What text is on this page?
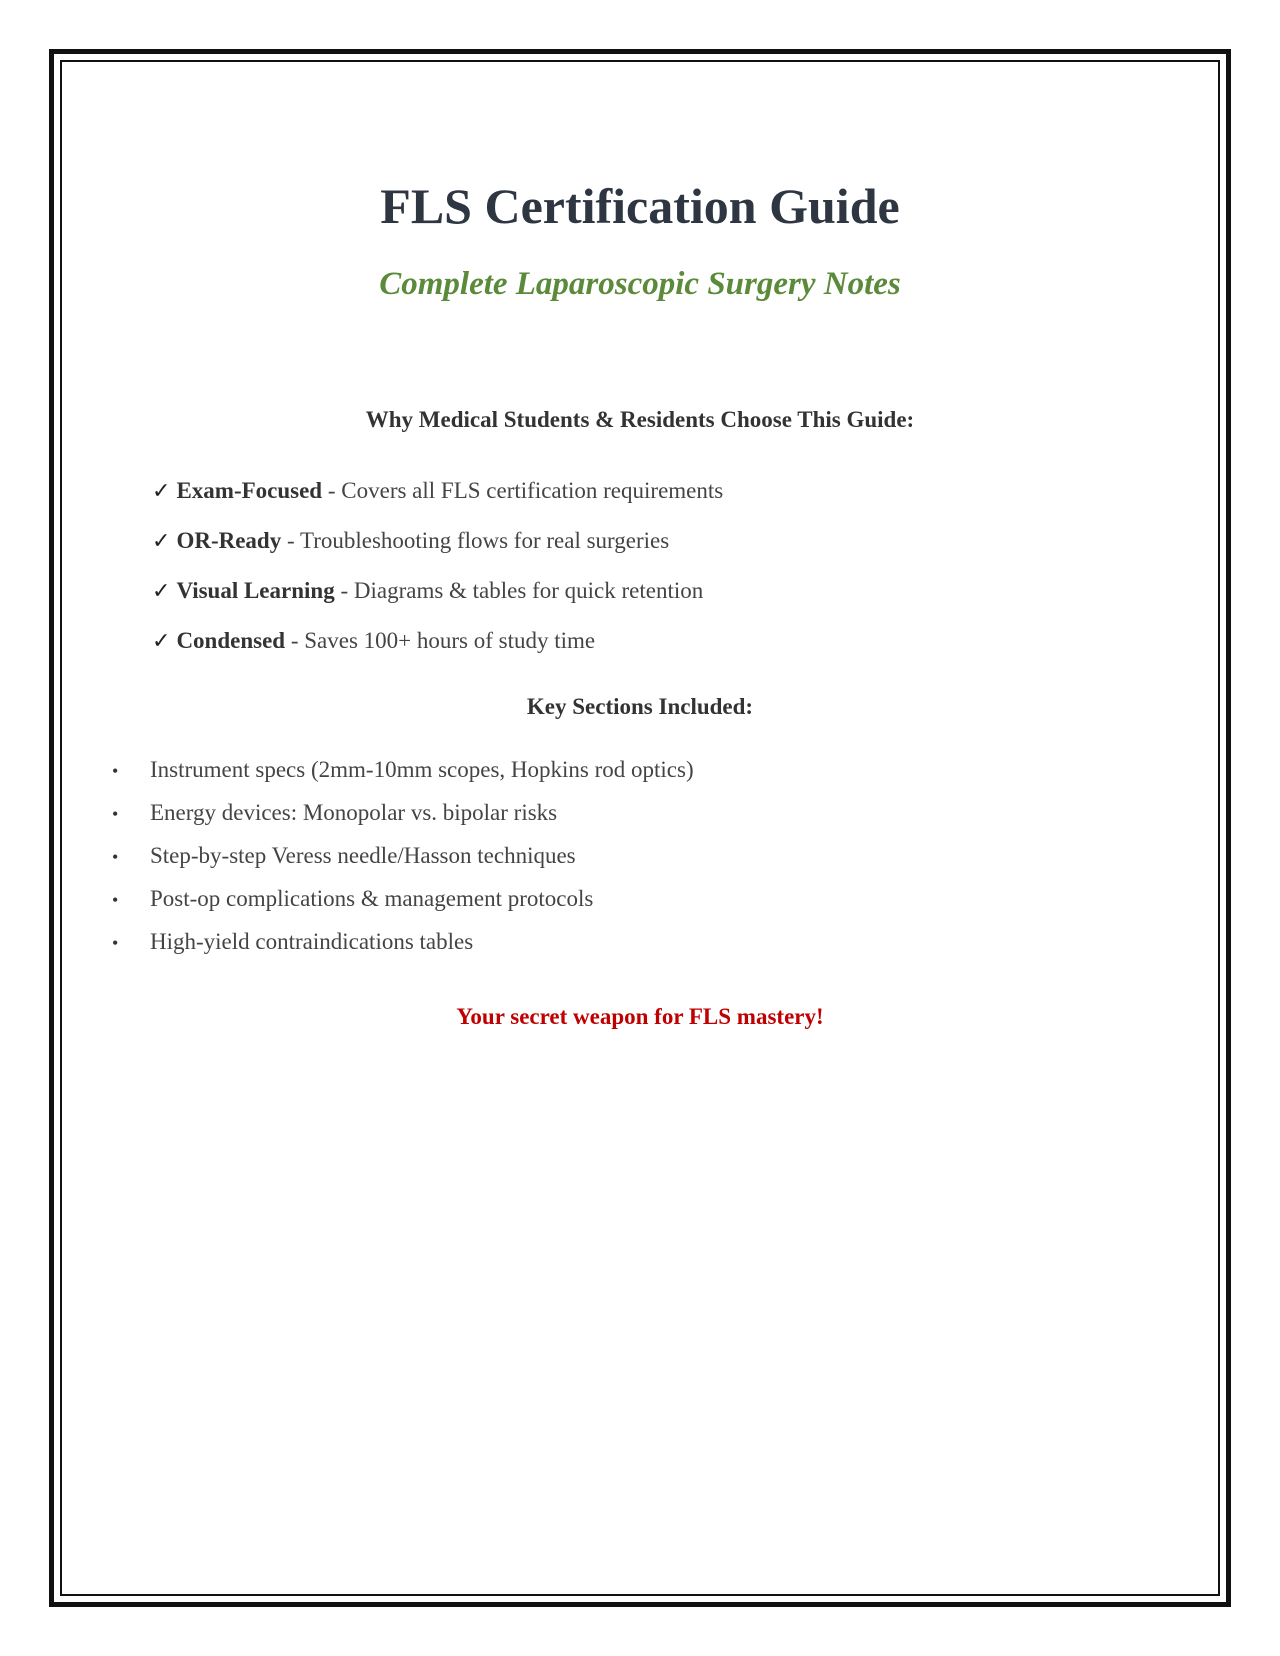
FLS Certification Guide

Complete Laparoscopic Surgery Notes

Why Medical Students & Residents Choose This Guide:

✓ Exam-Focused - Covers all FLS certification requirements
✓ OR-Ready - Troubleshooting flows for real surgeries
✓ Visual Learning - Diagrams & tables for quick retention
✓ Condensed - Saves 100+ hours of study time

Key Sections Included:

• Instrument specs (2mm-10mm scopes, Hopkins rod optics)
• Energy devices: Monopolar vs. bipolar risks
• Step-by-step Veress needle/Hasson techniques
• Post-op complications & management protocols
• High-yield contraindications tables

Your secret weapon for FLS mastery!
